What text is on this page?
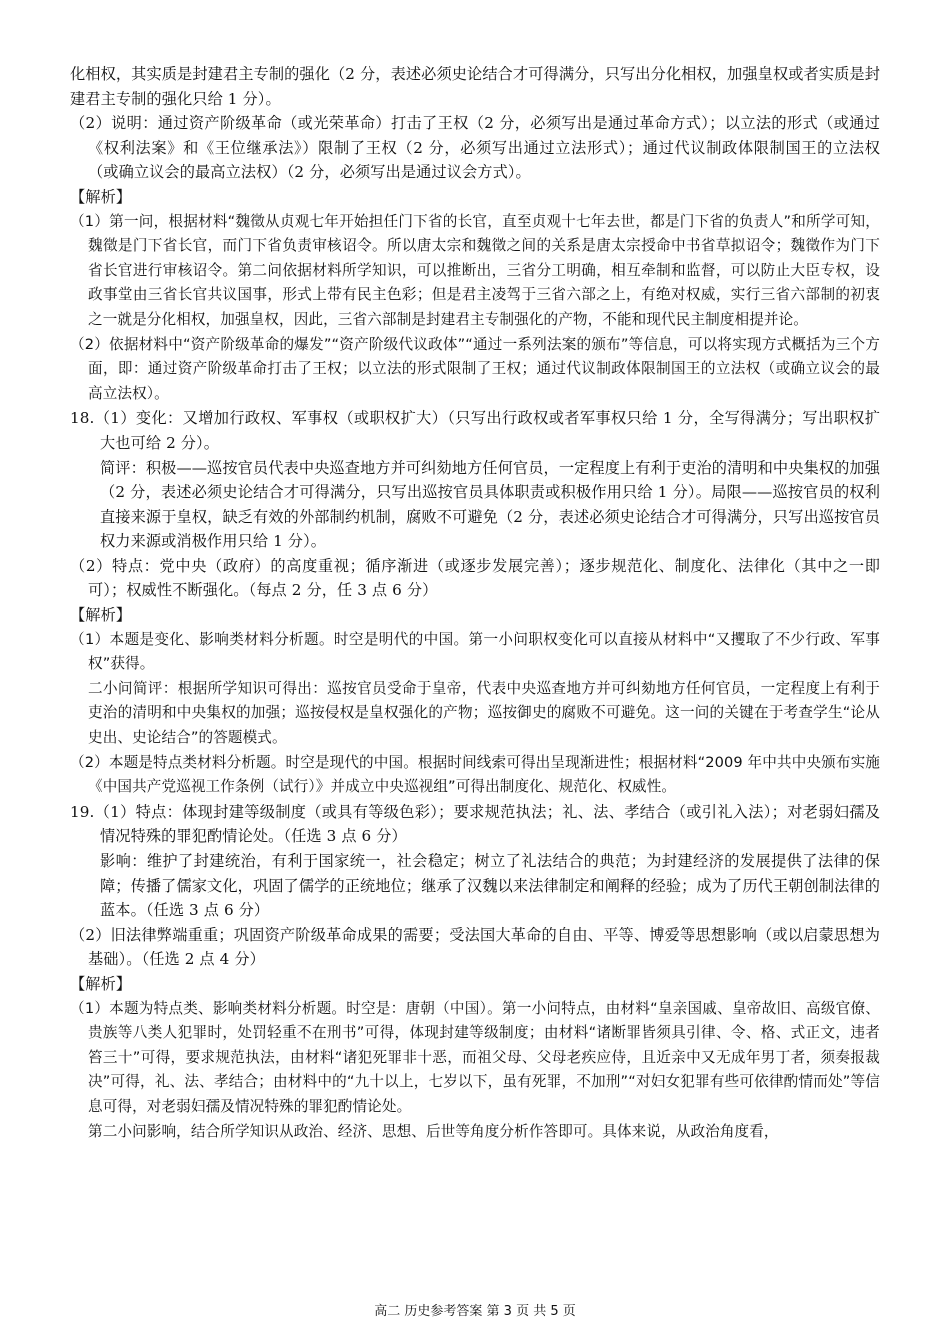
化相权，其实质是封建君主专制的强化（2 分，表述必须史论结合才可得满分，只写出分化相权，加强皇权或者实质是封建君主专制的强化只给 1 分）。

（2）说明：通过资产阶级革命（或光荣革命）打击了王权（2 分，必须写出是通过革命方式）；以立法的形式（或通过《权利法案》和《王位继承法》）限制了王权（2 分，必须写出通过立法形式）；通过代议制政体限制国王的立法权（或确立议会的最高立法权）（2 分，必须写出是通过议会方式）。

【解析】

（1）第一问，根据材料“魏徵从贞观七年开始担任门下省的长官，直至贞观十七年去世，都是门下省的负责人”和所学可知，魏徵是门下省长官，而门下省负责审核诏令。所以唐太宗和魏徵之间的关系是唐太宗授命中书省草拟诏令；魏徵作为门下省长官进行审核诏令。第二问依据材料所学知识，可以推断出，三省分工明确，相互牵制和监督，可以防止大臣专权，设政事堂由三省长官共议国事，形式上带有民主色彩；但是君主凌驾于三省六部之上，有绝对权威，实行三省六部制的初衷之一就是分化相权，加强皇权，因此，三省六部制是封建君主专制强化的产物，不能和现代民主制度相提并论。

（2）依据材料中“资产阶级革命的爆发”“资产阶级代议政体”“通过一系列法案的颁布”等信息，可以将实现方式概括为三个方面，即：通过资产阶级革命打击了王权；以立法的形式限制了王权；通过代议制政体限制国王的立法权（或确立议会的最高立法权）。

18.（1）变化：又增加行政权、军事权（或职权扩大）（只写出行政权或者军事权只给 1 分，全写得满分；写出职权扩大也可给 2 分）。

简评：积极——巡按官员代表中央巡查地方并可纠劾地方任何官员，一定程度上有利于吏治的清明和中央集权的加强（2 分，表述必须史论结合才可得满分，只写出巡按官员具体职责或积极作用只给 1 分）。局限——巡按官员的权利直接来源于皇权，缺乏有效的外部制约机制，腐败不可避免（2 分，表述必须史论结合才可得满分，只写出巡按官员权力来源或消极作用只给 1 分）。

（2）特点：党中央（政府）的高度重视；循序渐进（或逐步发展完善）；逐步规范化、制度化、法律化（其中之一即可）；权威性不断强化。（每点 2 分，任 3 点 6 分）

【解析】

（1）本题是变化、影响类材料分析题。时空是明代的中国。第一小问职权变化可以直接从材料中“又攫取了不少行政、军事权”获得。

二小问简评：根据所学知识可得出：巡按官员受命于皇帝，代表中央巡查地方并可纠劾地方任何官员，一定程度上有利于吏治的清明和中央集权的加强；巡按侵权是皇权强化的产物；巡按御史的腐败不可避免。这一问的关键在于考查学生“论从史出、史论结合”的答题模式。

（2）本题是特点类材料分析题。时空是现代的中国。根据时间线索可得出呈现渐进性；根据材料“2009 年中共中央颁布实施《中国共产党巡视工作条例（试行）》并成立中央巡视组”可得出制度化、规范化、权威性。

19.（1）特点：体现封建等级制度（或具有等级色彩）；要求规范执法；礼、法、孝结合（或引礼入法）；对老弱妇孺及情况特殊的罪犯酌情论处。（任选 3 点 6 分）

影响：维护了封建统治，有利于国家统一，社会稳定；树立了礼法结合的典范；为封建经济的发展提供了法律的保障；传播了儒家文化，巩固了儒学的正统地位；继承了汉魏以来法律制定和阐释的经验；成为了历代王朝创制法律的蓝本。（任选 3 点 6 分）

（2）旧法律弊端重重；巩固资产阶级革命成果的需要；受法国大革命的自由、平等、博爱等思想影响（或以启蒙思想为基础）。（任选 2 点 4 分）

【解析】

（1）本题为特点类、影响类材料分析题。时空是：唐朝（中国）。第一小问特点，由材料“皇亲国戚、皇帝故旧、高级官僚、贵族等八类人犯罪时，处罚轻重不在刑书”可得，体现封建等级制度；由材料“诸断罪皆须具引律、令、格、式正文，违者笞三十”可得，要求规范执法，由材料“诸犯死罪非十恶，而祖父母、父母老疾应侍，且近亲中又无成年男丁者，须奏报裁决”可得，礼、法、孝结合；由材料中的“九十以上，七岁以下，虽有死罪，不加刑”“对妇女犯罪有些可依律酌情而处”等信息可得，对老弱妇孺及情况特殊的罪犯酌情论处。

第二小问影响，结合所学知识从政治、经济、思想、后世等角度分析作答即可。具体来说，从政治角度看，

高二 历史参考答案 第 3 页 共 5 页
